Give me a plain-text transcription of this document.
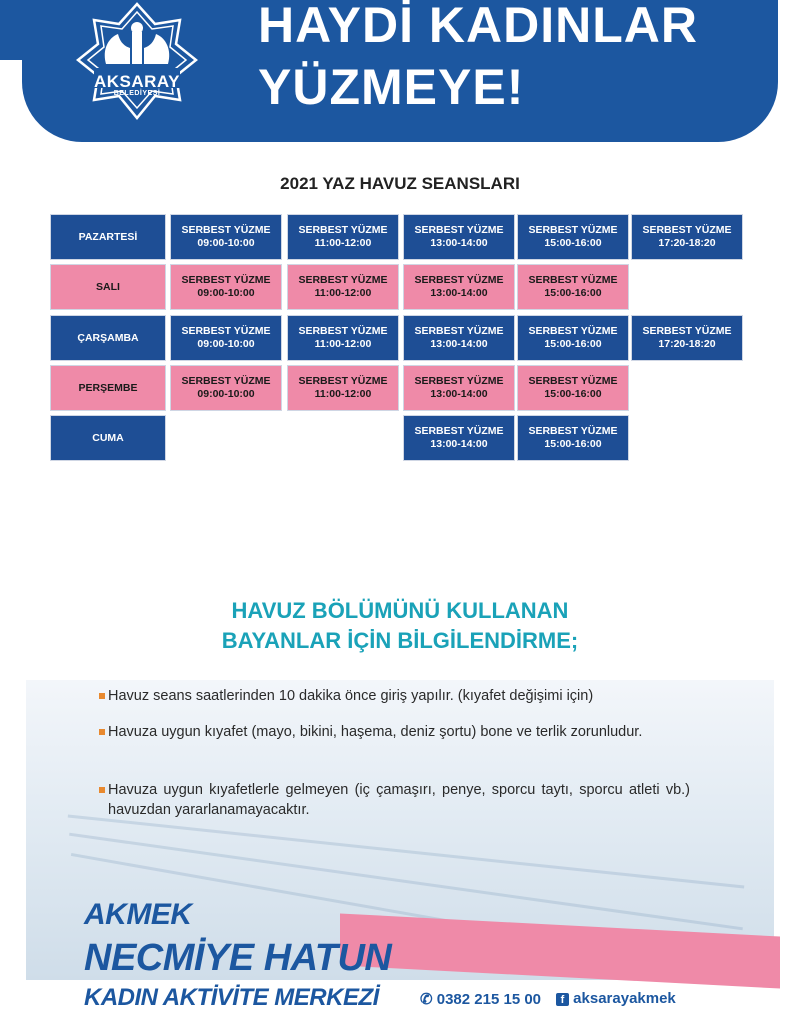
AKSARAY
BELEDİYESİ
HAYDİ KADINLAR
YÜZMEYE!
2021 YAZ HAVUZ SEANSLARI
PAZARTESİ
SERBEST YÜZME
09:00-10:00
SERBEST YÜZME
11:00-12:00
SERBEST YÜZME
13:00-14:00
SERBEST YÜZME
15:00-16:00
SERBEST YÜZME
17:20-18:20
SALI
SERBEST YÜZME
09:00-10:00
SERBEST YÜZME
11:00-12:00
SERBEST YÜZME
13:00-14:00
SERBEST YÜZME
15:00-16:00
ÇARŞAMBA
SERBEST YÜZME
09:00-10:00
SERBEST YÜZME
11:00-12:00
SERBEST YÜZME
13:00-14:00
SERBEST YÜZME
15:00-16:00
SERBEST YÜZME
17:20-18:20
PERŞEMBE
SERBEST YÜZME
09:00-10:00
SERBEST YÜZME
11:00-12:00
SERBEST YÜZME
13:00-14:00
SERBEST YÜZME
15:00-16:00
CUMA
SERBEST YÜZME
13:00-14:00
SERBEST YÜZME
15:00-16:00
HAVUZ BÖLÜMÜNÜ KULLANAN
BAYANLAR İÇİN BİLGİLENDİRME;
Havuz seans saatlerinden 10 dakika önce giriş yapılır. (kıyafet değişimi için)
Havuza uygun kıyafet (mayo, bikini, haşema, deniz şortu) bone ve terlik zorunludur.
Havuza uygun kıyafetlerle gelmeyen (iç çamaşırı, penye, sporcu taytı, sporcu atleti vb.) havuzdan yararlanamayacaktır.
AKMEK
NECMİYE HATUN
KADIN AKTİVİTE MERKEZİ	✆ 0382 215 15 00	f aksarayakmek
